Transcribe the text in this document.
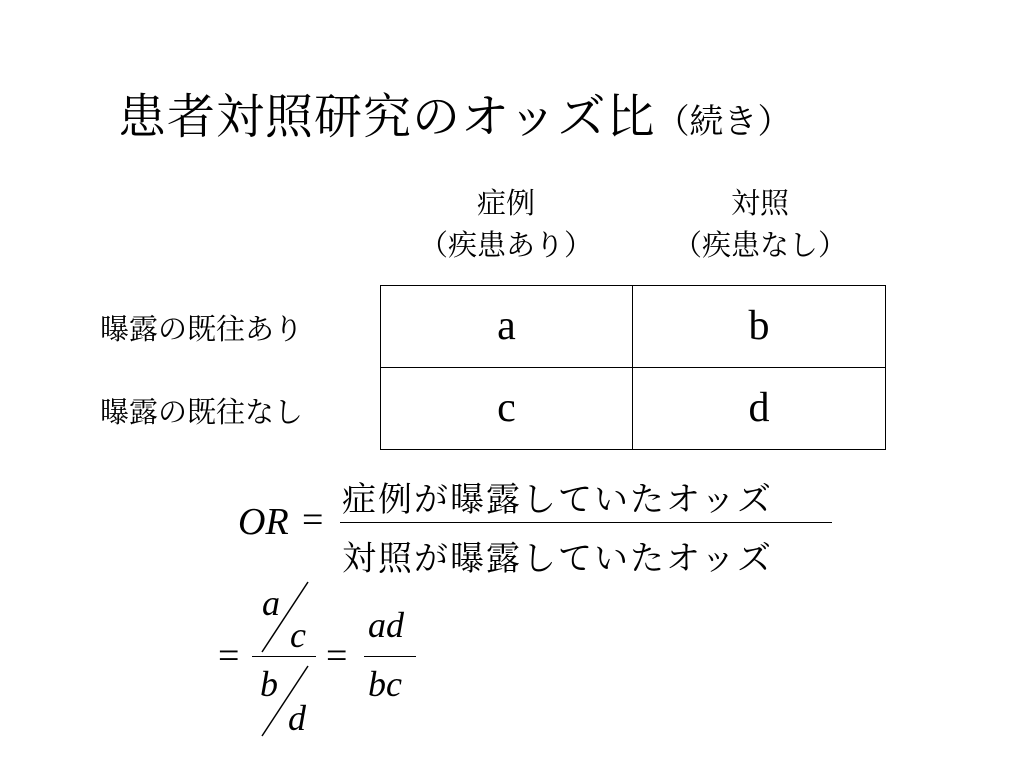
患者対照研究のオッズ比（続き）
症例
（疾患あり）
対照
（疾患なし）
曝露の既往あり
曝露の既往なし
a	b
c	d
OR = 症例が曝露していたオッズ
対照が曝露していたオッズ
=
a
c
b
d
=
ad
bc
